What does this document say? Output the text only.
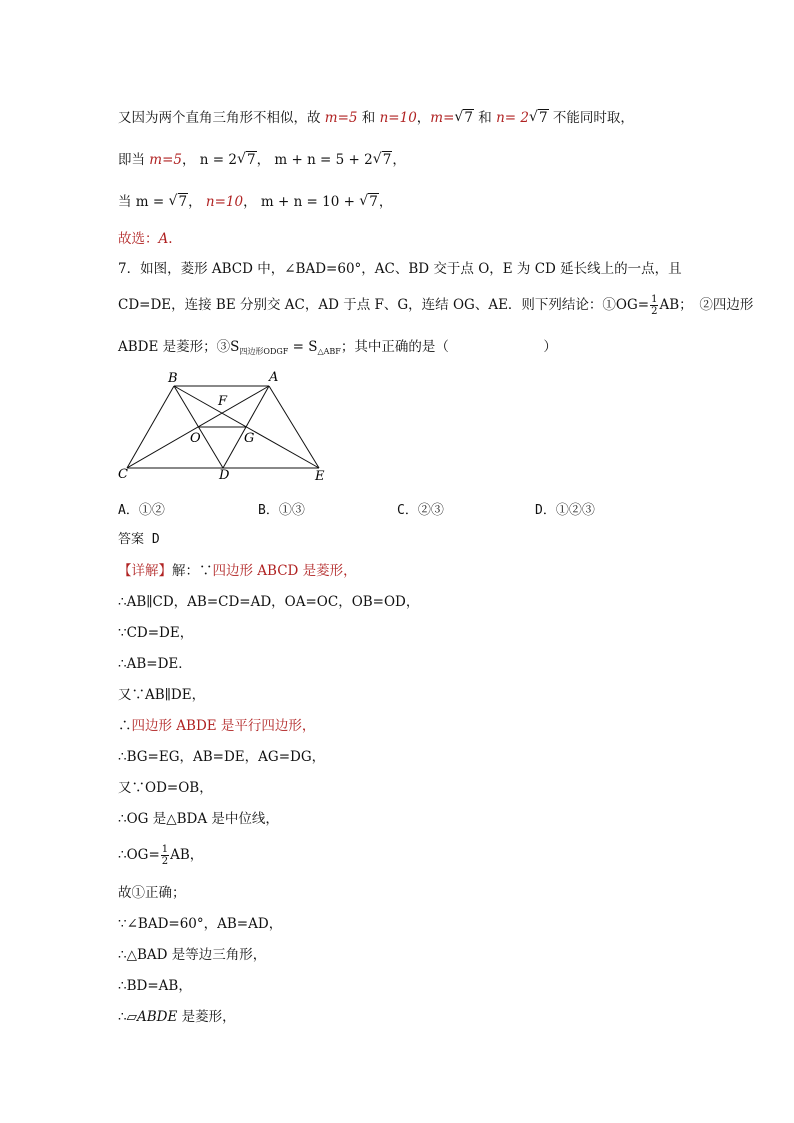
又因为两个直角三角形不相似，故 m=5 和 n=10，m= √ 7 和 n= 2 √ 7 不能同时取，
即当 m=5， n = 2 √ 7， m + n = 5 + 2 √ 7，
当 m = √ 7， n=10， m + n = 10 + √ 7，
故选：A.
7．如图，菱形 ABCD 中，∠BAD=60°，AC、BD 交于点 O，E 为 CD 延长线上的一点，且
CD=DE，连接 BE 分别交 AC，AD 于点 F、G，连结 OG、AE．则下列结论：①OG= $\frac{1}{2}$ AB；　②四边形
ABDE 是菱形；$③S_{四边形ODGF} = S_{\triangle ABF}$；其中正确的是（　　　　　　　）
B	A
F
O	G
C	D	E
A．①②	B．①③	C．②③	D．①②③
答案 D
【详解】解：∵四边形 ABCD 是菱形，
∴AB∥CD，AB=CD=AD，OA=OC，OB=OD，
∵CD=DE，
∴AB=DE．
又∵AB∥DE，
∴四边形 ABDE 是平行四边形，
∴BG=EG，AB=DE，AG=DG，
又∵OD=OB，
∴OG 是△BDA 是中位线，
∴OG= $\frac{1}{2}$ AB，
故①正确；
∵∠BAD=60°，AB=AD，
∴△BAD 是等边三角形，
∴BD=AB，
∴▱ABDE 是菱形，
